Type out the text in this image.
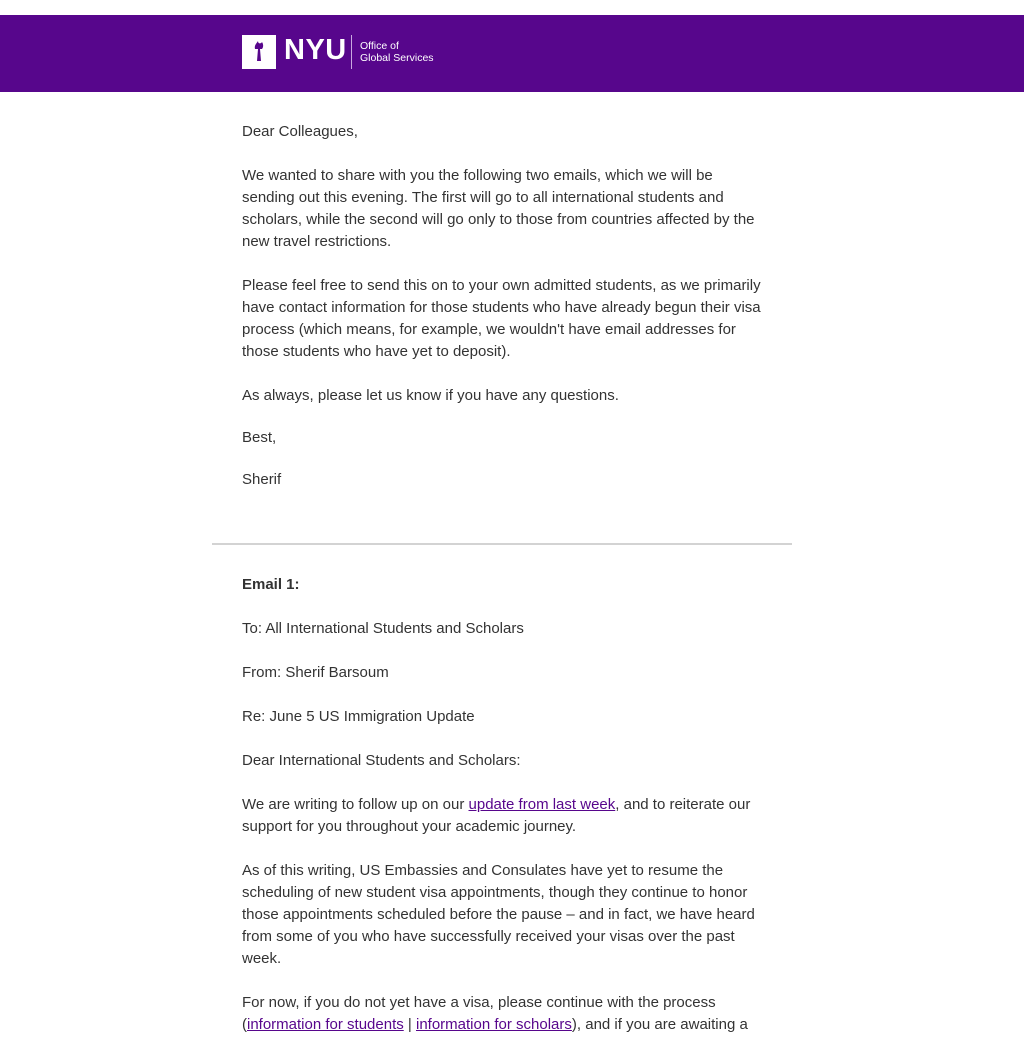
NYU Office of
Global Services

Dear Colleagues,

We wanted to share with you the following two emails, which we will be sending out this evening. The first will go to all international students and scholars, while the second will go only to those from countries affected by the new travel restrictions.

Please feel free to send this on to your own admitted students, as we primarily have contact information for those students who have already begun their visa process (which means, for example, we wouldn't have email addresses for those students who have yet to deposit).

As always, please let us know if you have any questions.

Best,

Sherif

Email 1:

To: All International Students and Scholars

From: Sherif Barsoum

Re: June 5 US Immigration Update

Dear International Students and Scholars:

We are writing to follow up on our update from last week, and to reiterate our support for you throughout your academic journey.

As of this writing, US Embassies and Consulates have yet to resume the scheduling of new student visa appointments, though they continue to honor those appointments scheduled before the pause – and in fact, we have heard from some of you who have successfully received your visas over the past week.

For now, if you do not yet have a visa, please continue with the process (information for students | information for scholars), and if you are awaiting a
